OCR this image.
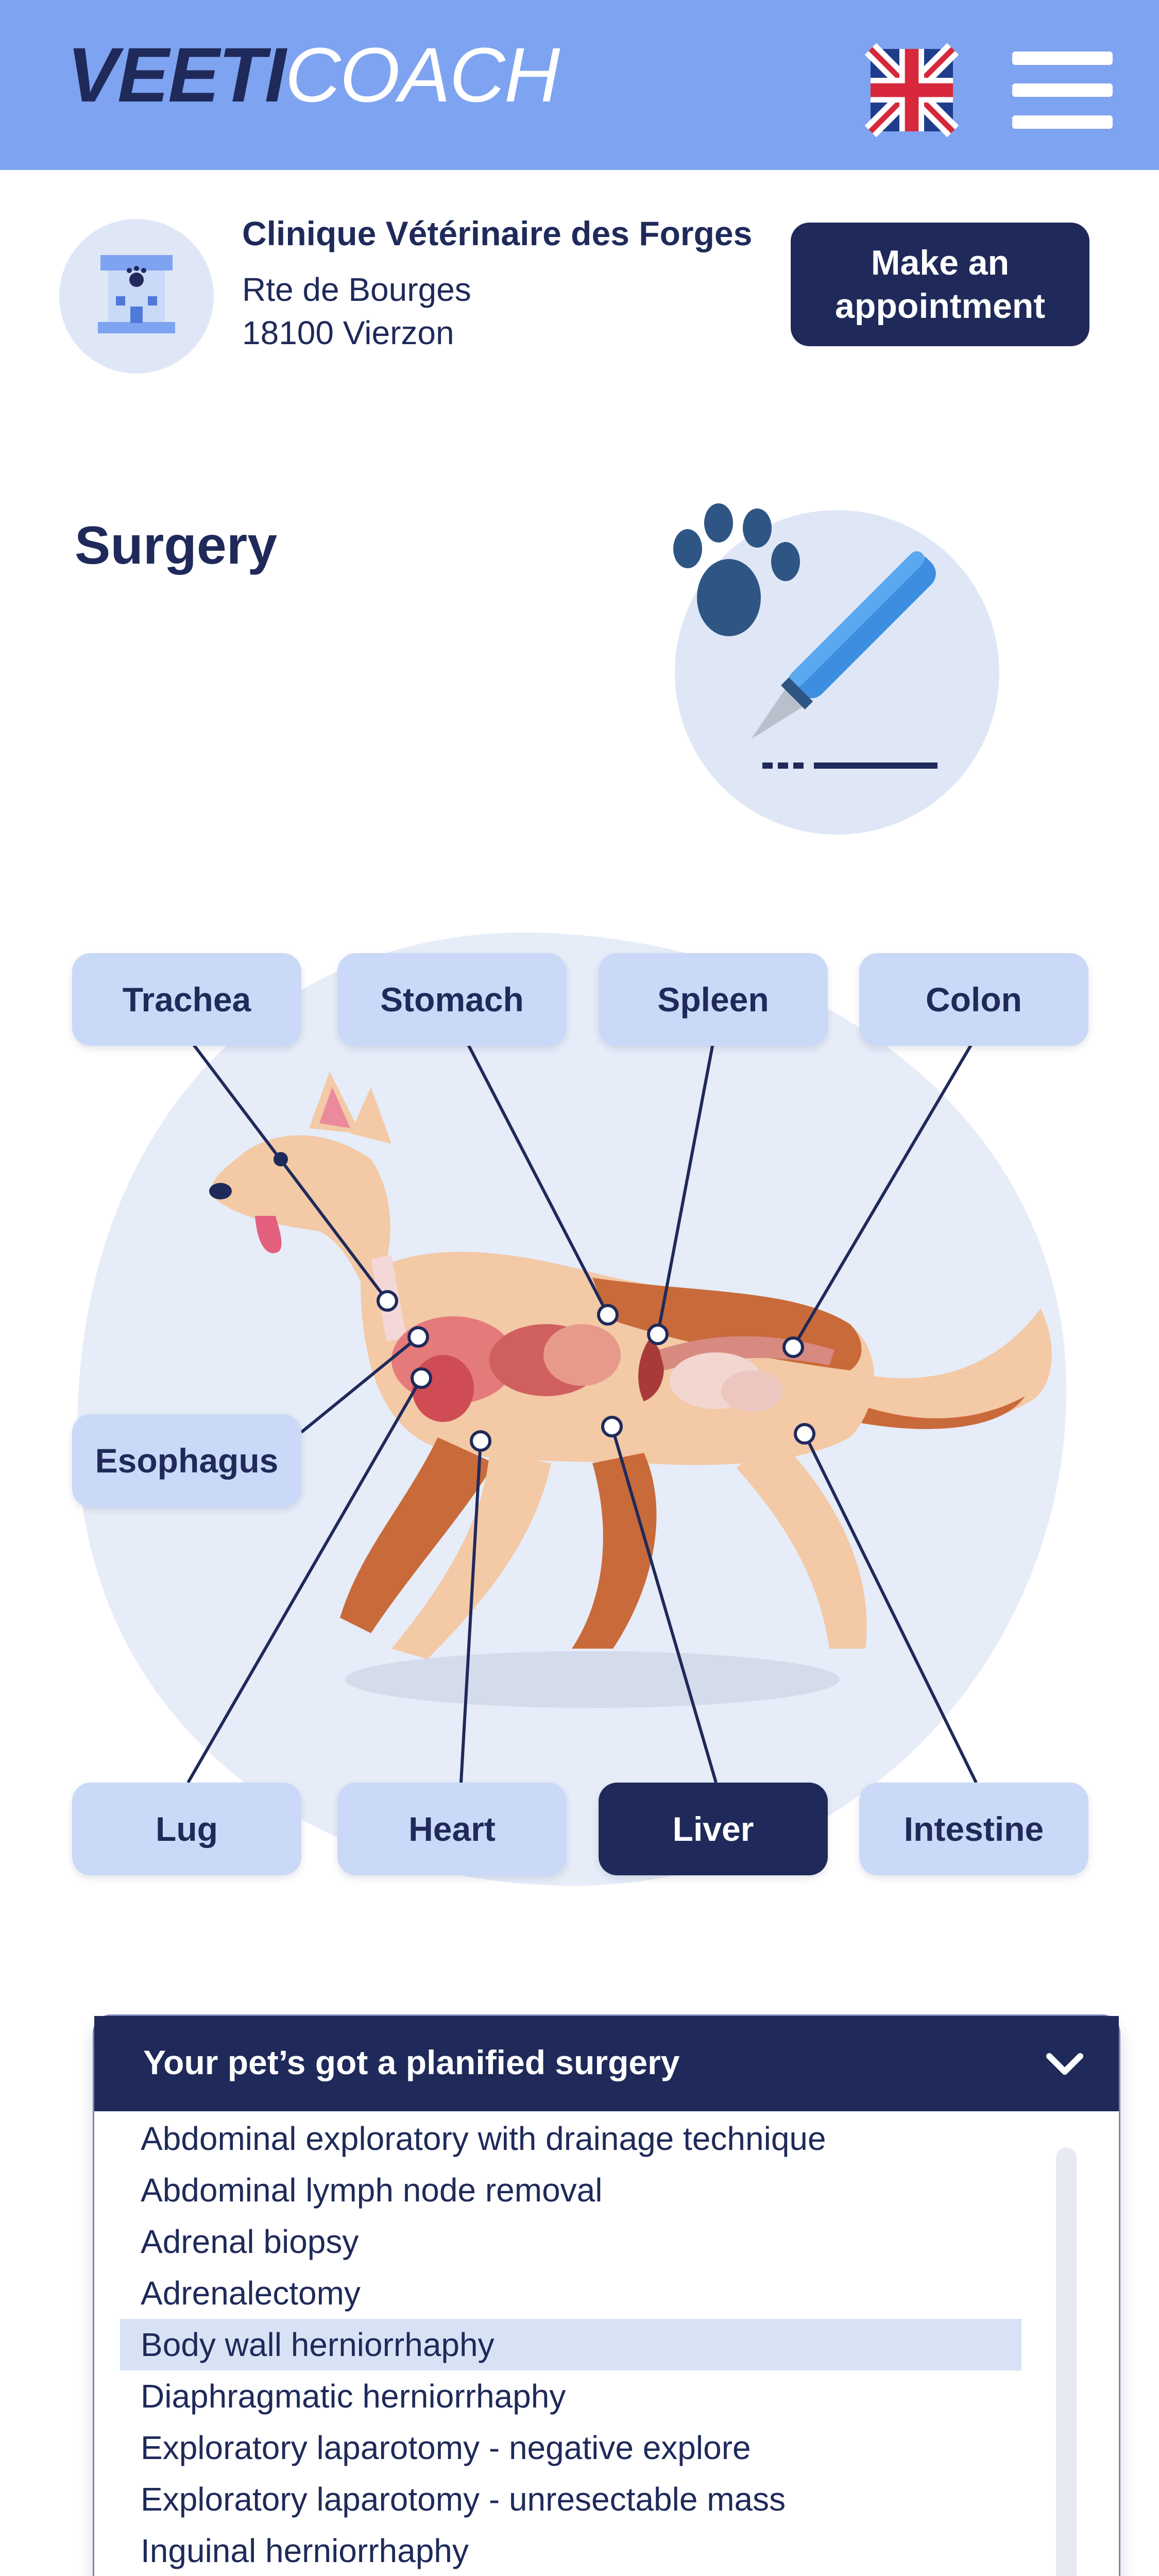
VEETICOACH
Clinique Vétérinaire des Forges
Rte de Bourges
18100 Vierzon
Make an
appointment
Surgery
Trachea	Stomach	Spleen	Colon
Esophagus
Lug	Heart	Liver	Intestine
Your pet’s got a planified surgery
Abdominal exploratory with drainage technique
Abdominal lymph node removal
Adrenal biopsy
Adrenalectomy
Body wall herniorrhaphy
Diaphragmatic herniorrhaphy
Exploratory laparotomy - negative explore
Exploratory laparotomy - unresectable mass
Inguinal herniorrhaphy
